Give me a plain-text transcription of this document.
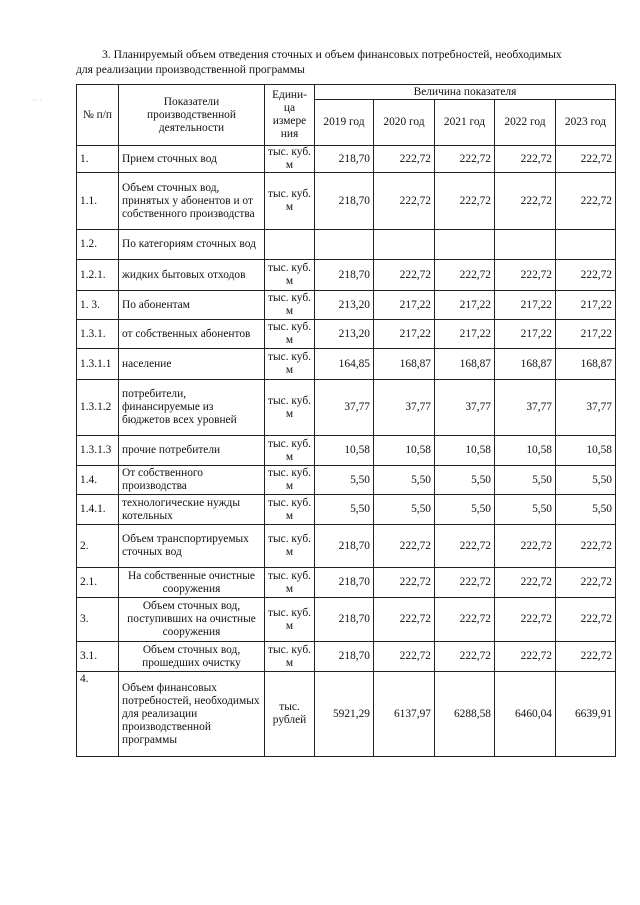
3. Планируемый объем отведения сточных и объем финансовых потребностей, необходимых
для реализации производственной программы
··· ·
№ п/п	Показатели производственной деятельности	Едини-ца измере ния	Величина показателя				
			2019 год	2020 год	2021 год	2022 год	2023 год
1.	Прием сточных вод	тыс. куб. м	218,70	222,72	222,72	222,72	222,72
1.1.	Объем сточных вод, принятых у абонентов и от собственного производства	тыс. куб. м	218,70	222,72	222,72	222,72	222,72
1.2.	По категориям сточных вод						
1.2.1.	жидких бытовых отходов	тыс. куб. м	218,70	222,72	222,72	222,72	222,72
1. 3.	По абонентам	тыс. куб. м	213,20	217,22	217,22	217,22	217,22
1.3.1.	от собственных абонентов	тыс. куб. м	213,20	217,22	217,22	217,22	217,22
1.3.1.1	население	тыс. куб. м	164,85	168,87	168,87	168,87	168,87
1.3.1.2	потребители, финансируемые из бюджетов всех уровней	тыс. куб. м	37,77	37,77	37,77	37,77	37,77
1.3.1.3	прочие потребители	тыс. куб. м	10,58	10,58	10,58	10,58	10,58
1.4.	От собственного производства	тыс. куб. м	5,50	5,50	5,50	5,50	5,50
1.4.1.	технологические нужды котельных	тыс. куб. м	5,50	5,50	5,50	5,50	5,50
2.	Объем транспортируемых сточных вод	тыс. куб. м	218,70	222,72	222,72	222,72	222,72
2.1.	На собственные очистные сооружения	тыс. куб. м	218,70	222,72	222,72	222,72	222,72
3.	Объем сточных вод, поступивших на очистные сооружения	тыс. куб. м	218,70	222,72	222,72	222,72	222,72
3.1.	Объем сточных вод, прошедших очистку	тыс. куб. м	218,70	222,72	222,72	222,72	222,72
4.	Объем финансовых потребностей, необходимых для реализации производственной программы	тыс. рублей	5921,29	6137,97	6288,58	6460,04	6639,91
